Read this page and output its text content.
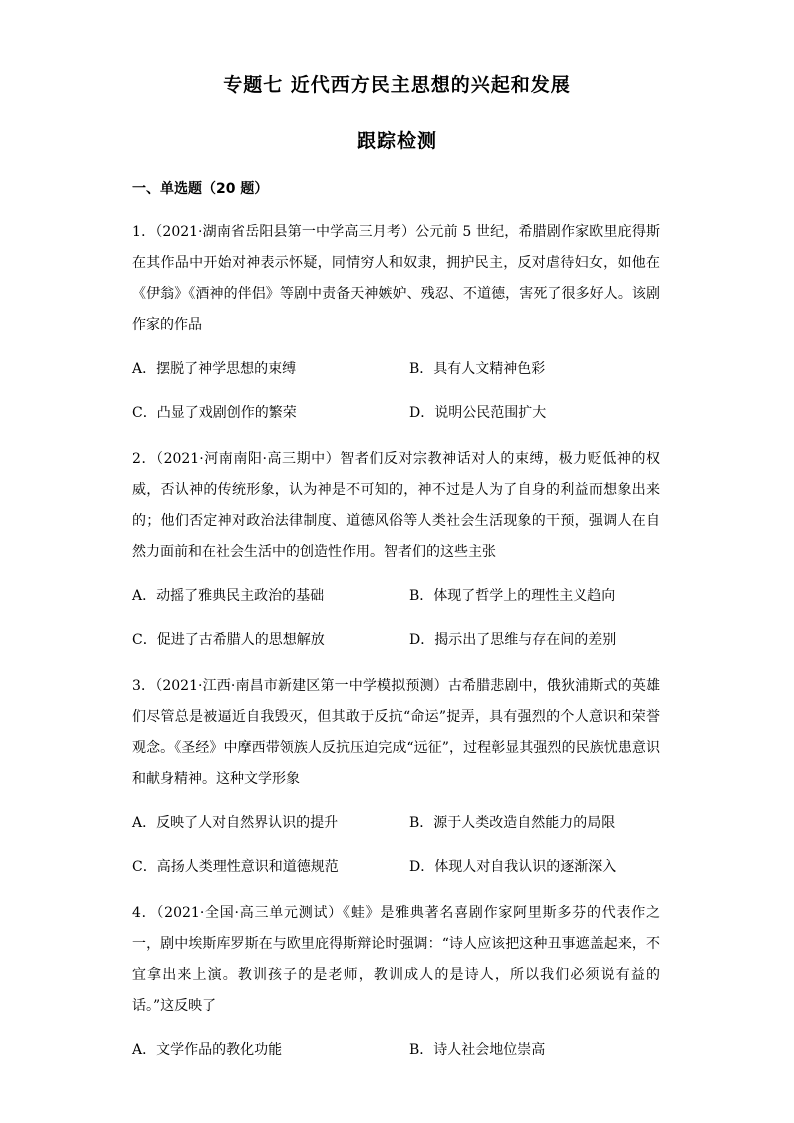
专题七 近代西方民主思想的兴起和发展
跟踪检测
一、单选题（20 题）

1．（2021·湖南省岳阳县第一中学高三月考）公元前 5 世纪，希腊剧作家欧里庇得斯在其作品中开始对神表示怀疑，同情穷人和奴隶，拥护民主，反对虐待妇女，如他在《伊翁》《酒神的伴侣》等剧中责备天神嫉妒、残忍、不道德，害死了很多好人。该剧作家的作品

A．摆脱了神学思想的束缚	B．具有人文精神色彩
C．凸显了戏剧创作的繁荣	D．说明公民范围扩大

2．（2021·河南南阳·高三期中）智者们反对宗教神话对人的束缚，极力贬低神的权威，否认神的传统形象，认为神是不可知的，神不过是人为了自身的利益而想象出来的；他们否定神对政治法律制度、道德风俗等人类社会生活现象的干预，强调人在自然力面前和在社会生活中的创造性作用。智者们的这些主张

A．动摇了雅典民主政治的基础	B．体现了哲学上的理性主义趋向
C．促进了古希腊人的思想解放	D．揭示出了思维与存在间的差别

3．（2021·江西·南昌市新建区第一中学模拟预测）古希腊悲剧中，俄狄浦斯式的英雄们尽管总是被逼近自我毁灭，但其敢于反抗“命运”捉弄，具有强烈的个人意识和荣誉观念。《圣经》中摩西带领族人反抗压迫完成“远征”，过程彰显其强烈的民族忧患意识和献身精神。这种文学形象

A．反映了人对自然界认识的提升	B．源于人类改造自然能力的局限
C．高扬人类理性意识和道德规范	D．体现人对自我认识的逐渐深入

4．（2021·全国·高三单元测试）《蛙》是雅典著名喜剧作家阿里斯多芬的代表作之一，剧中埃斯库罗斯在与欧里庇得斯辩论时强调：“诗人应该把这种丑事遮盖起来，不宜拿出来上演。教训孩子的是老师，教训成人的是诗人，所以我们必须说有益的话。”这反映了

A．文学作品的教化功能	B．诗人社会地位崇高
